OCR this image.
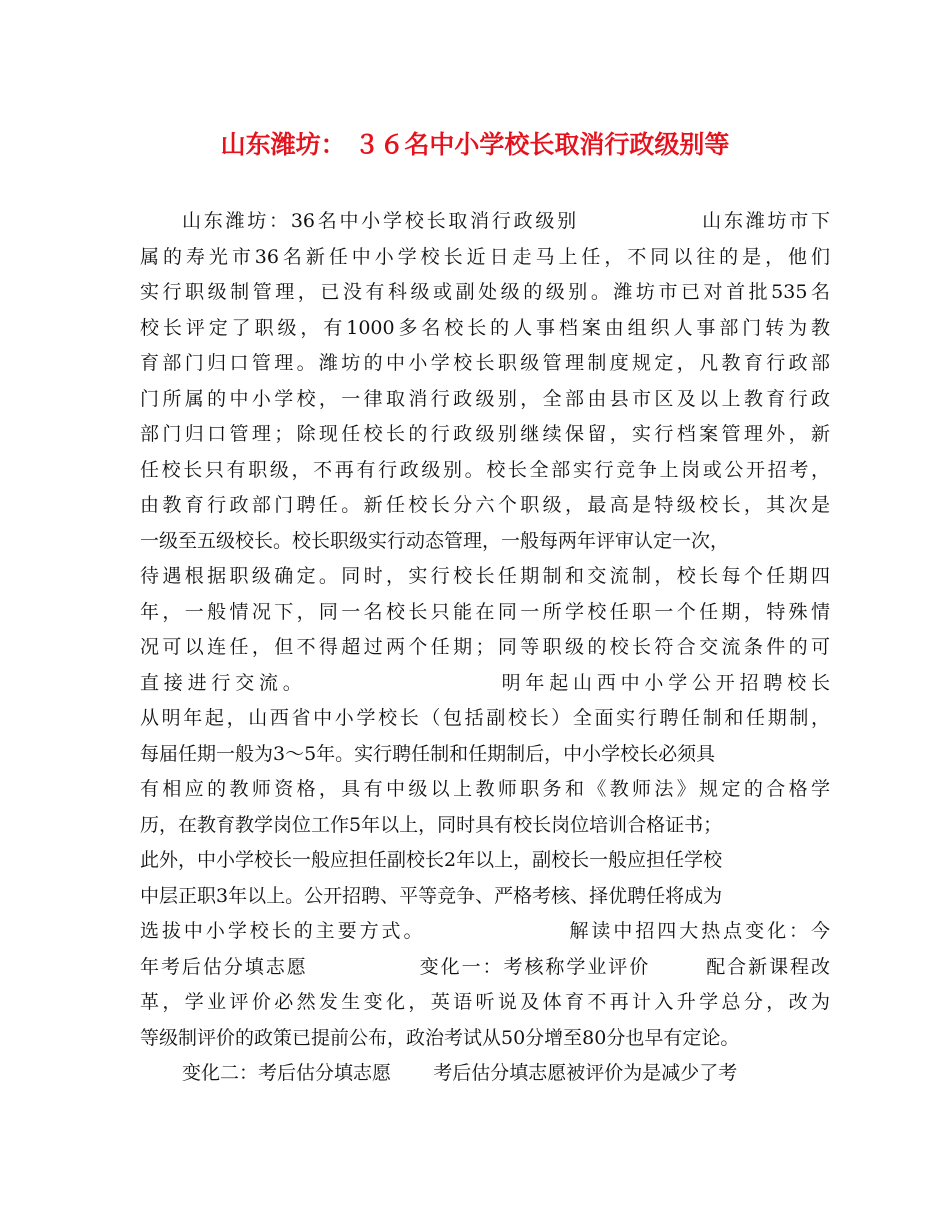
山东潍坊： ３６名中小学校长取消行政级别等
山东潍坊：36名中小学校长取消行政级别              山东潍坊市下
属的寿光市36名新任中小学校长近日走马上任，不同以往的是，他们
实行职级制管理，已没有科级或副处级的级别。潍坊市已对首批535名
校长评定了职级，有1000多名校长的人事档案由组织人事部门转为教
育部门归口管理。潍坊的中小学校长职级管理制度规定，凡教育行政部
门所属的中小学校，一律取消行政级别，全部由县市区及以上教育行政
部门归口管理；除现任校长的行政级别继续保留，实行档案管理外，新
任校长只有职级，不再有行政级别。校长全部实行竞争上岗或公开招考，
由教育行政部门聘任。新任校长分六个职级，最高是特级校长，其次是
一级至五级校长。校长职级实行动态管理，一般每两年评审认定一次，
待遇根据职级确定。同时，实行校长任期制和交流制，校长每个任期四
年，一般情况下，同一名校长只能在同一所学校任职一个任期，特殊情
况可以连任，但不得超过两个任期；同等职级的校长符合交流条件的可
直接进行交流。                  明年起山西中小学公开招聘校长
从明年起，山西省中小学校长（包括副校长）全面实行聘任制和任期制，
每届任期一般为3～5年。实行聘任制和任期制后，中小学校长必须具
有相应的教师资格，具有中级以上教师职务和《教师法》规定的合格学
历，在教育教学岗位工作5年以上，同时具有校长岗位培训合格证书；
此外，中小学校长一般应担任副校长2年以上，副校长一般应担任学校
中层正职3年以上。公开招聘、平等竞争、严格考核、择优聘任将成为
选拔中小学校长的主要方式。                解读中招四大热点变化：今
年考后估分填志愿              变化一：考核称学业评价       配合新课程改
革，学业评价必然发生变化，英语听说及体育不再计入升学总分，改为
等级制评价的政策已提前公布，政治考试从50分增至80分也早有定论。
变化二：考后估分填志愿       考后估分填志愿被评价为是减少了考
